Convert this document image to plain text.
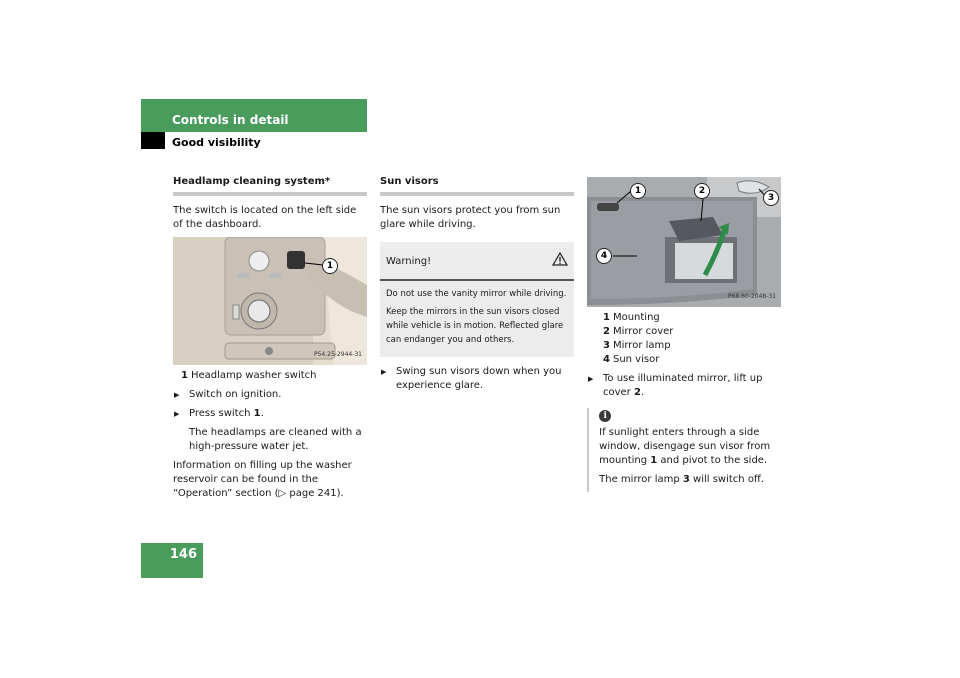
Controls in detail
Good visibility
Headlamp cleaning system*

The switch is located on the left side of the dashboard.

1
P54.25-2944-31
1 Headlamp washer switch
▶ Switch on ignition.
▶ Press switch 1.
The headlamps are cleaned with a high-pressure water jet.

Information on filling up the washer reservoir can be found in the “Operation” section (▷ page 241).

Sun visors

The sun visors protect you from sun glare while driving.

Warning!

Do not use the vanity mirror while driving.

Keep the mirrors in the sun visors closed while vehicle is in motion. Reflected glare can endanger you and others.

▶ Swing sun visors down when you experience glare.
1	2
3
4
P68.60-2048-31
1 Mounting
2 Mirror cover
3 Mirror lamp
4 Sun visor
▶ To use illuminated mirror, lift up cover 2.
i

If sunlight enters through a side window, disengage sun visor from mounting 1 and pivot to the side.

The mirror lamp 3 will switch off.

146
